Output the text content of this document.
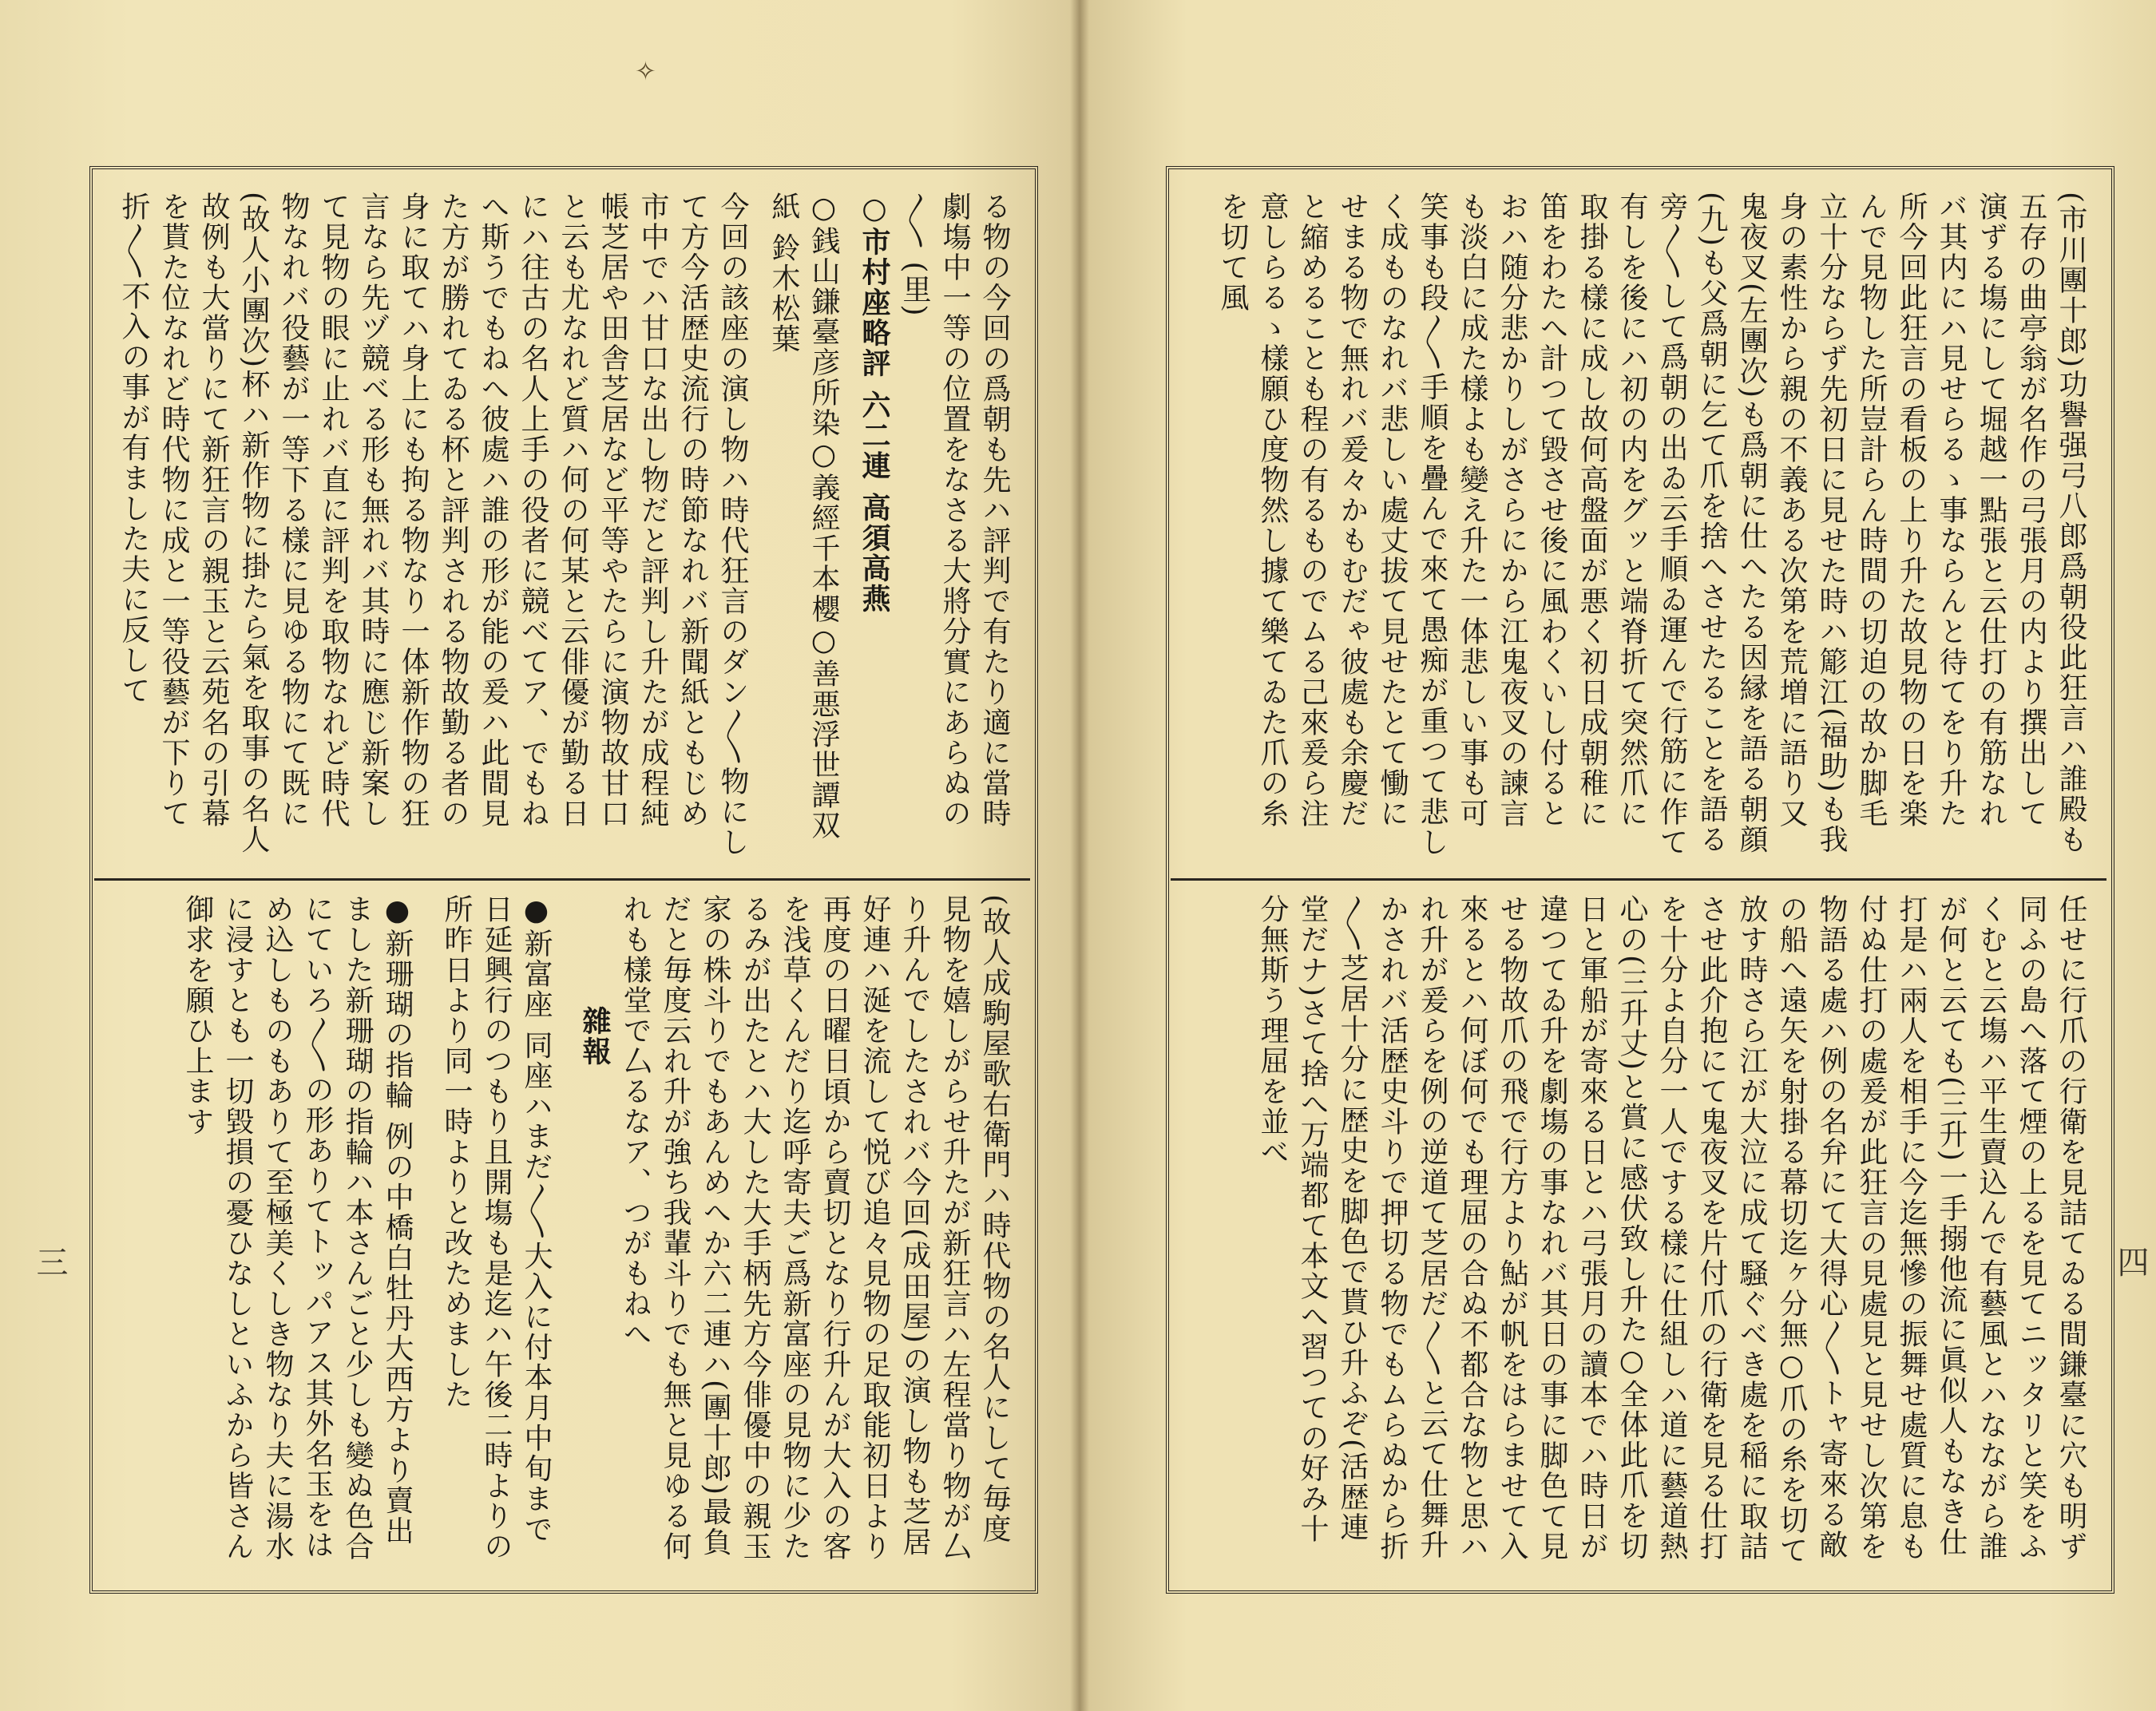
✧

る物の今回の爲朝も先ハ評判で有たり適に當時劇塲中一等の位置をなさる大將分實にあらぬの〳〵 (里)

○市村座略評 六二連 高須高燕

○銭山鎌臺彦所染○義經千本櫻○善悪浮世譚双紙 鈴木松葉

今回の該座の演し物ハ時代狂言のダン〳〵物にして方今活歴史流行の時節なれバ新聞紙ともじめ市中でハ甘口な出し物だと評判し升たが成程純帳芝居や田舎芝居など平等やたらに演物故甘口と云も尤なれど質ハ何の何某と云俳優が勤る日にハ往古の名人上手の役者に競べてア、でもねへ斯うでもねへ彼處ハ誰の形が能の爰ハ此間見た方が勝れてゐる杯と評判される物故勤る者の身に取てハ身上にも拘る物なり一体新作物の狂言なら先ヅ競べる形も無れバ其時に應じ新案して見物の眼に止れバ直に評判を取物なれど時代物なれバ役藝が一等下る樣に見ゆる物にて既に(故人小團次)杯ハ新作物に掛たら氣を取事の名人故例も大當りにて新狂言の親玉と云苑名の引幕を貰た位なれど時代物に成と一等役藝が下りて折〳〵不入の事が有ました夫に反して

(故人成駒屋歌右衛門ハ時代物の名人にして毎度見物を嬉しがらせ升たが新狂言ハ左程當り物が厶り升んでしたされバ今回(成田屋)の演し物も芝居好連ハ涎を流して悦び追々見物の足取能初日より再度の日曜日頃から賣切となり行升んが大入の客を浅草くんだり迄呼寄夫ご爲新富座の見物に少たるみが出たとハ大した大手柄先方今俳優中の親玉家の株斗りでもあんめへか六二連ハ(團十郎)最負だと毎度云れ升が強ち我輩斗りでも無と見ゆる何れも樣堂で厶るなア、つがもねへ

雜報

●新富座 同座ハまだ〳〵大入に付本月中旬まで日延興行のつもり且開塲も是迄ハ午後二時よりの所昨日より同一時よりと改ためました

●新珊瑚の指輪 例の中橋白牡丹大西方より賣出ました新珊瑚の指輪ハ本さんごと少しも變ぬ色合にていろ〳〵の形ありてトッパアス其外名玉をはめ込しものもありて至極美くしき物なり夫に湯水に浸すとも一切毀損の憂ひなしといふから皆さん御求を願ひ上ます

(市川團十郎)功譽强弓八郎爲朝役此狂言ハ誰殿も五存の曲亭翁が名作の弓張月の内より撰出して演ずる塲にして堀越一點張と云仕打の有筋なれバ其内にハ見せらるゝ事ならんと待てをり升た所今回此狂言の看板の上り升た故見物の日を楽んで見物した所豈計らん時間の切迫の故か脚毛立十分ならず先初日に見せた時ハ簓江(福助)も我身の素性から親の不義ある次第を荒増に語り又鬼夜叉(左團次)も爲朝に仕へたる因縁を語る朝顔(九)も父爲朝に乞て爪を捨へさせたることを語る旁〳〵して爲朝の出ゐ云手順ゐ運んで行筋に作て有しを後にハ初の内をグッと端脊折て突然爪に取掛る樣に成し故何高盤面が悪く初日成朝稚に笛をわたへ計つて毀させ後に風わくいし付るとおハ随分悲かりしがさらにから江鬼夜叉の諫言も淡白に成た樣よも變え升た一体悲しい事も可笑事も段〳〵手順を疊んで來て愚痴が重つて悲しく成ものなれバ悲しい處丈拔て見せたとて慟にせまる物で無れバ爰々かもむだゃ彼處も余慶だと縮めることも程の有るものでムる己來爰ら注意しらるゝ樣願ひ度物然し據て樂てゐた爪の糸を切て風

任せに行爪の行衛を見詰てゐる間鎌臺に穴も明ず同ふの島へ落て煙の上るを見てニッタリと笑をふくむと云塲ハ平生賣込んで有藝風とハなながら誰が何と云ても(三升)一手搦他流に眞似人もなき仕打是ハ兩人を相手に今迄無慘の振舞せ處質に息も付ぬ仕打の處爰が此狂言の見處見と見せし次第を物語る處ハ例の名弁にて大得心〳〵トャ寄來る敵の船へ遠矢を射掛る幕切迄ヶ分無○爪の糸を切て放す時さら江が大泣に成て騒ぐべき處を稲に取詰させ此介抱にて鬼夜叉を片付爪の行衛を見る仕打を十分よ自分一人でする樣に仕組しハ道に藝道熱心の(三升丈)と賞に感伏致し升た○全体此爪を切日と軍船が寄來る日とハ弓張月の讀本でハ時日が違つてゐ升を劇塲の事なれバ其日の事に脚色て見せる物故爪の飛で行方より鮎が帆をはらませて入來るとハ何ぼ何でも理屈の合ぬ不都合な物と思ハれ升が爰らを例の逆道て芝居だ〳〵と云て仕舞升かされバ活歴史斗りで押切る物でもムらぬから折〳〵芝居十分に歴史を脚色で貰ひ升ふぞ(活歴連堂だナ)さて捨へ万端都て本文へ習つての好み十分無斯う理屈を並べ

三	四
